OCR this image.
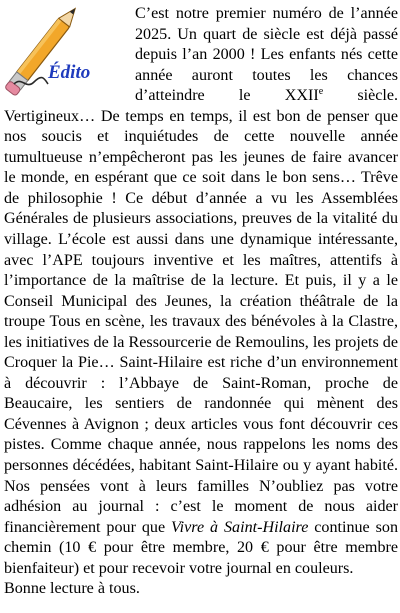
Édito

C’est notre premier numéro de l’année 2025. Un quart de siècle est déjà passé depuis l’an 2000 ! Les enfants nés cette année auront toutes les chances d’atteindre le XXIIe siècle. Vertigineux… De temps en temps, il est bon de penser que nos soucis et inquiétudes de cette nouvelle année tumultueuse n’empêcheront pas les jeunes de faire avancer le monde, en espérant que ce soit dans le bon sens… Trêve de philosophie ! Ce début d’année a vu les Assemblées Générales de plusieurs associations, preuves de la vitalité du village. L’école est aussi dans une dynamique intéressante, avec l’APE toujours inventive et les maîtres, attentifs à l’importance de la maîtrise de la lecture. Et puis, il y a le Conseil Municipal des Jeunes, la création théâtrale de la troupe Tous en scène, les travaux des bénévoles à la Clastre, les initiatives de la Ressourcerie de Remoulins, les projets de Croquer la Pie… Saint-Hilaire est riche d’un environnement à découvrir : l’Abbaye de Saint-Roman, proche de Beaucaire, les sentiers de randonnée qui mènent des Cévennes à Avignon ; deux articles vous font découvrir ces pistes. Comme chaque année, nous rappelons les noms des personnes décédées, habitant Saint-Hilaire ou y ayant habité. Nos pensées vont à leurs familles N’oubliez pas votre adhésion au journal : c’est le moment de nous aider financièrement pour que Vivre à Saint-Hilaire continue son chemin (10 € pour être membre, 20 € pour être membre bienfaiteur) et pour recevoir votre journal en couleurs.

Bonne lecture à tous.
